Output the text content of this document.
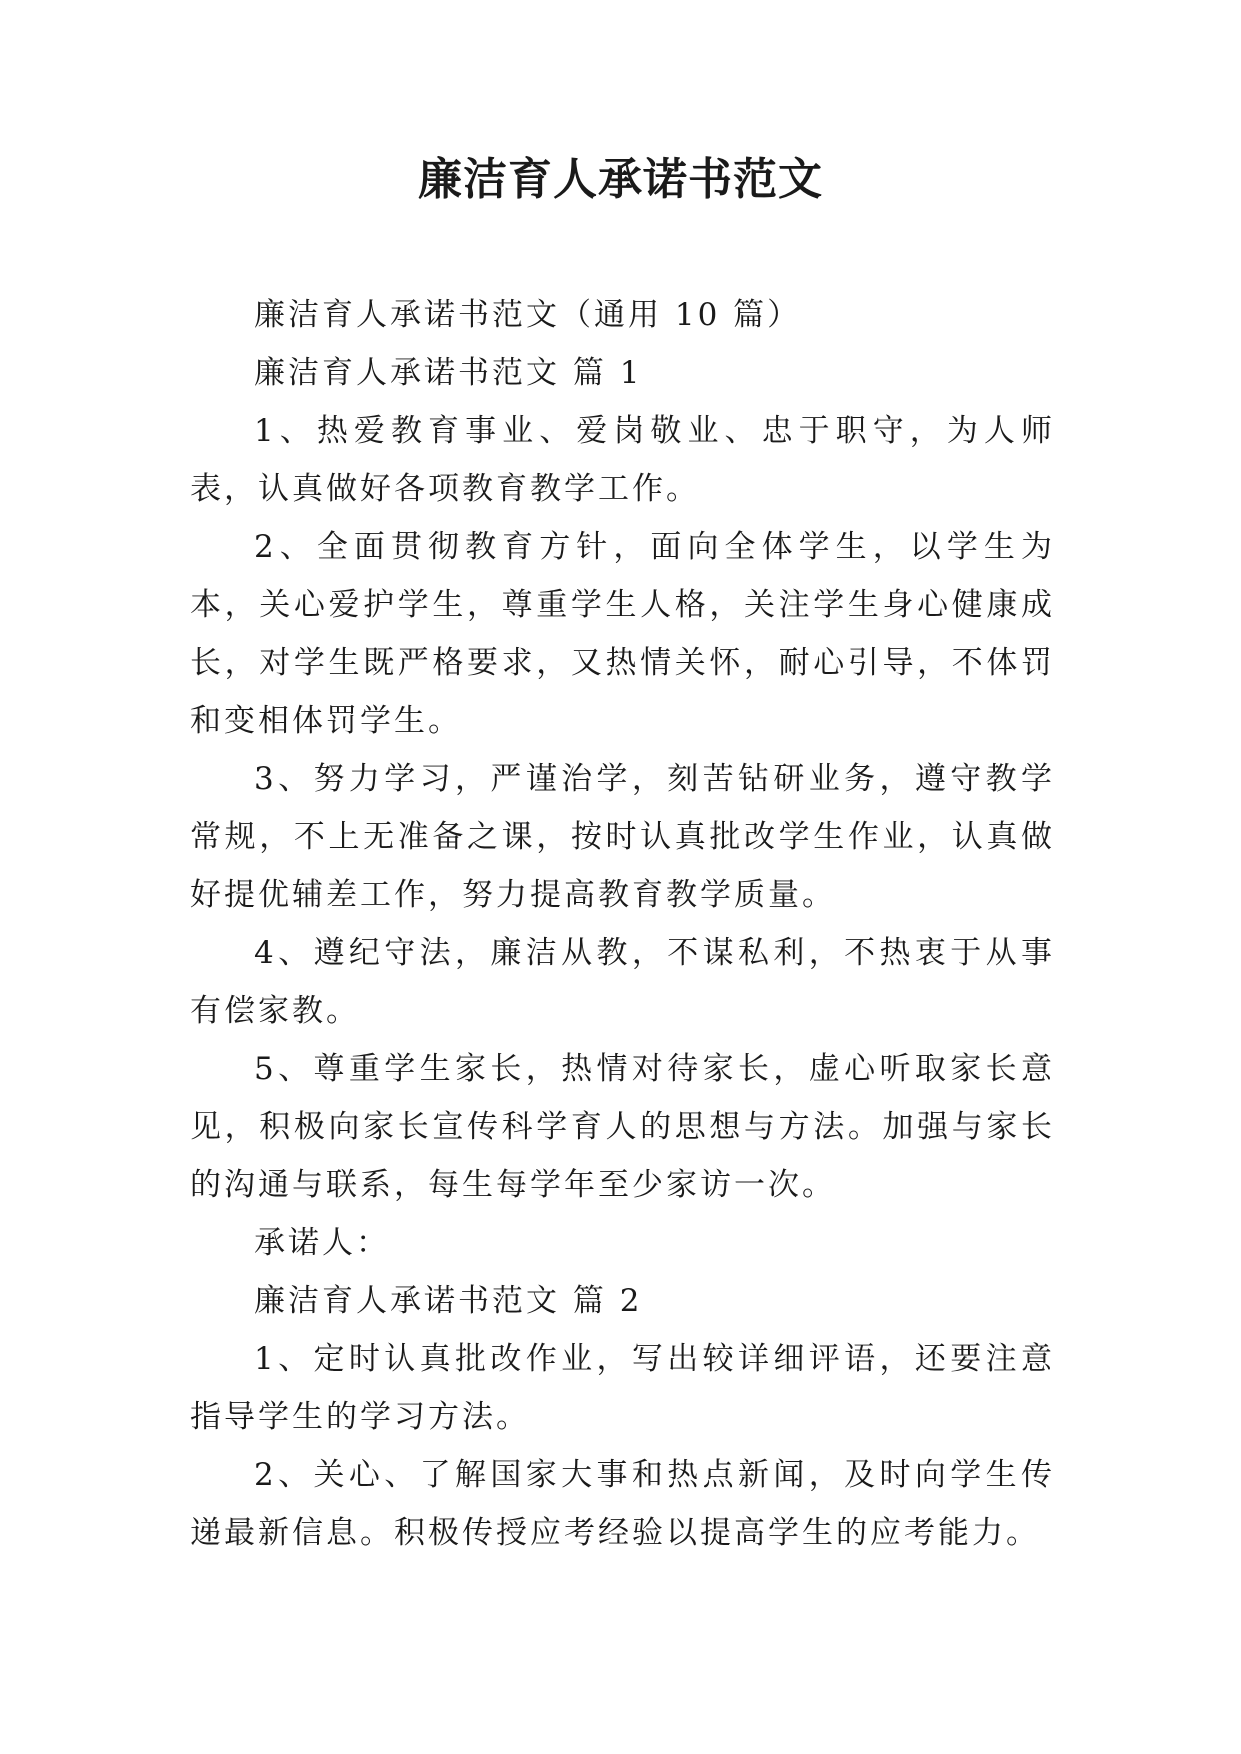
廉洁育人承诺书范文

廉洁育人承诺书范文（通用 10 篇）

廉洁育人承诺书范文 篇 1

1、热爱教育事业、爱岗敬业、忠于职守，为人师表，认真做好各项教育教学工作。

2、全面贯彻教育方针，面向全体学生，以学生为本，关心爱护学生，尊重学生人格，关注学生身心健康成长，对学生既严格要求，又热情关怀，耐心引导，不体罚和变相体罚学生。

3、努力学习，严谨治学，刻苦钻研业务，遵守教学常规，不上无准备之课，按时认真批改学生作业，认真做好提优辅差工作，努力提高教育教学质量。

4、遵纪守法，廉洁从教，不谋私利，不热衷于从事有偿家教。

5、尊重学生家长，热情对待家长，虚心听取家长意见，积极向家长宣传科学育人的思想与方法。加强与家长的沟通与联系，每生每学年至少家访一次。

承诺人：

廉洁育人承诺书范文 篇 2

1、定时认真批改作业，写出较详细评语，还要注意指导学生的学习方法。

2、关心、了解国家大事和热点新闻，及时向学生传递最新信息。积极传授应考经验以提高学生的应考能力。
